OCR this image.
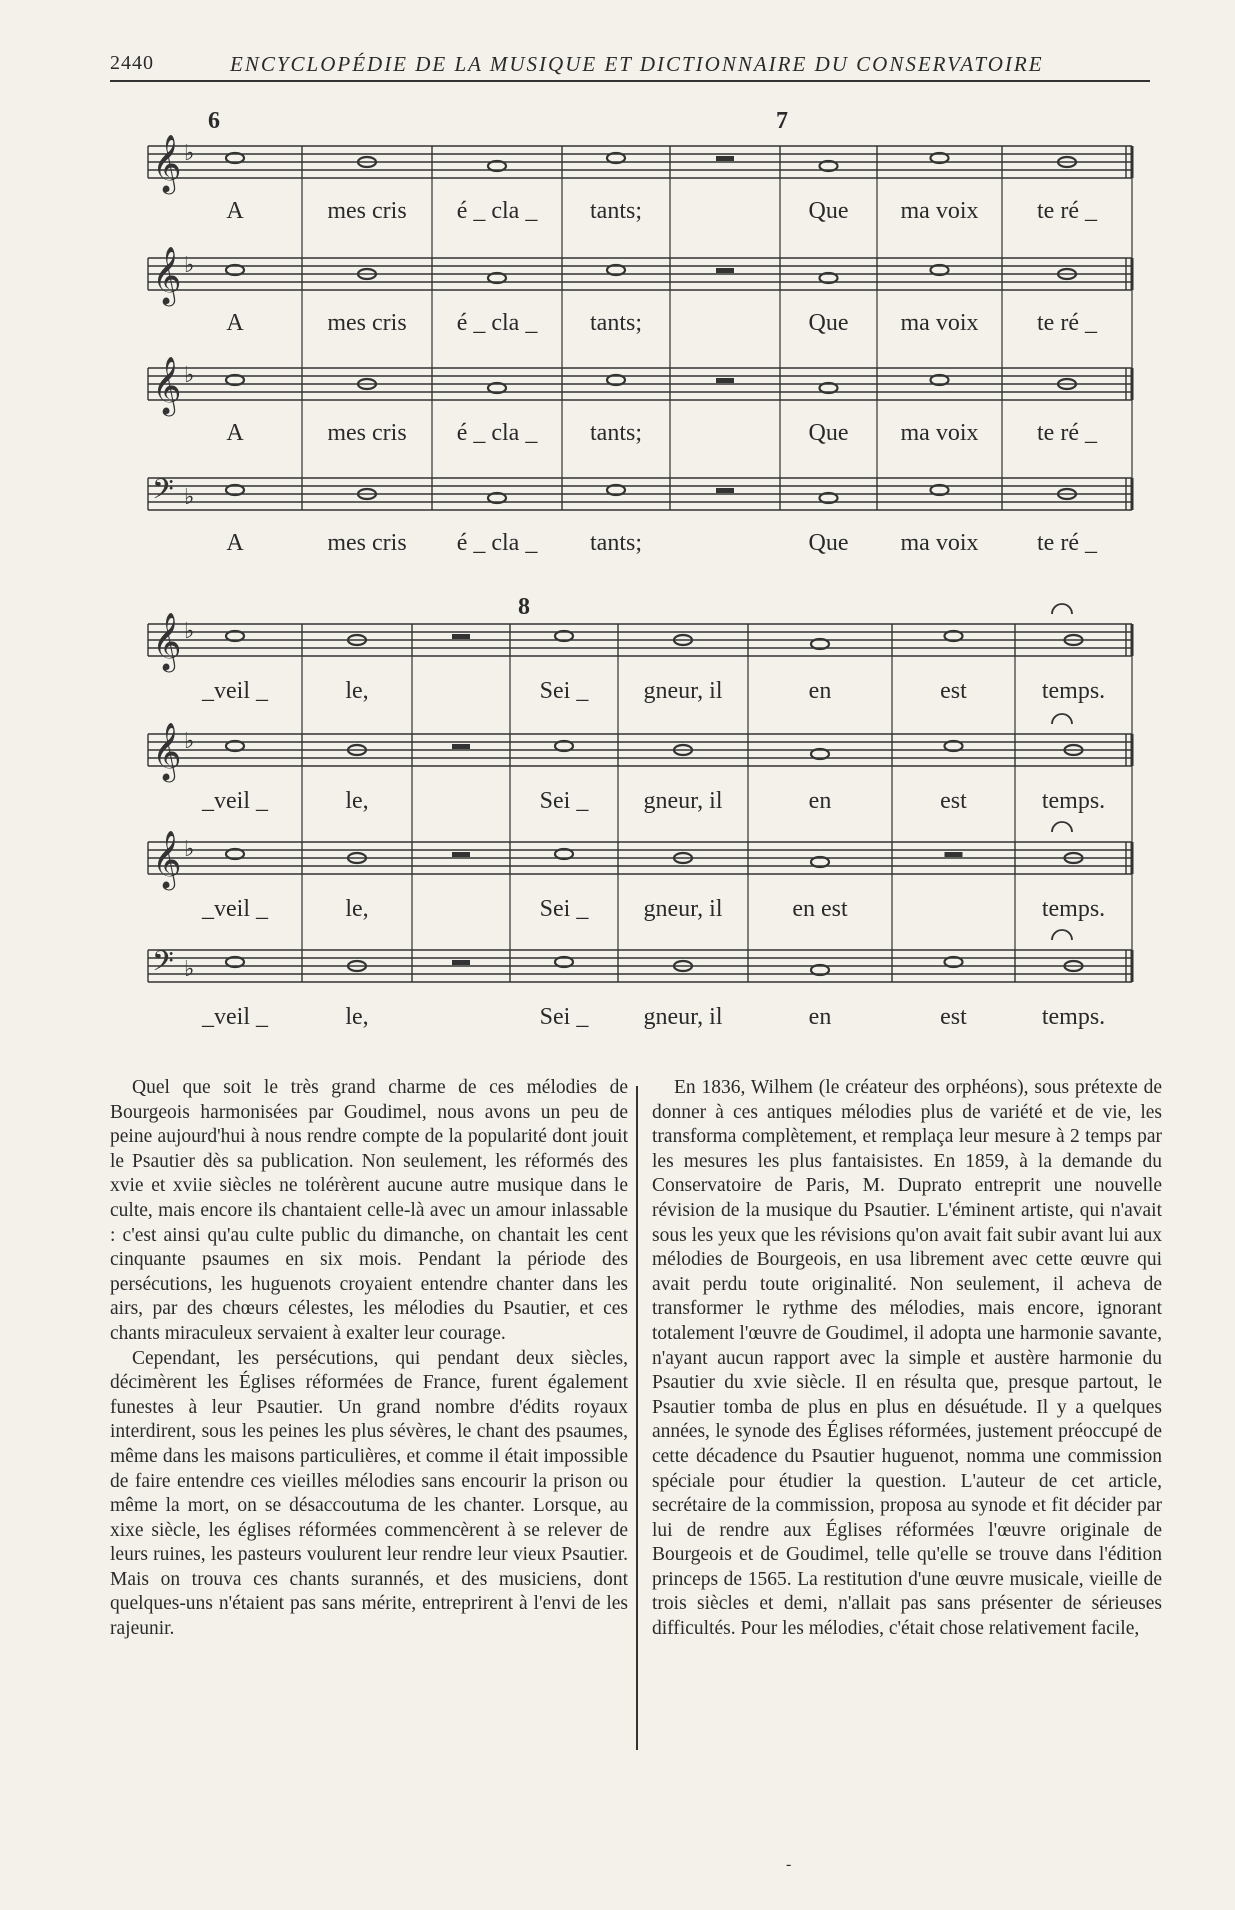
2440	ENCYCLOPÉDIE DE LA MUSIQUE ET DICTIONNAIRE DU CONSERVATOIRE
𝄞 ♭
A	mes cris é _ cla _ tants;	Que ma voix te ré _
𝄞 ♭
A	mes cris é _ cla _ tants;	Que ma voix te ré _
𝄞 ♭
A	mes cris é _ cla _ tants;	Que ma voix te ré _
𝄢 ♭
A	mes cris é _ cla _ tants;	Que ma voix te ré _
𝄞 ♭
_veil _	le,	Sei _ gneur, il	en	est	temps.
𝄞 ♭
_veil _	le,	Sei _ gneur, il	en	est	temps.
𝄞 ♭
_veil _	le,	Sei _ gneur, il	en est	temps.
𝄢 ♭
_veil _	le,	Sei _ gneur, il	en	est	temps.
6	7
8

Quel que soit le très grand charme de ces mélodies de Bourgeois harmonisées par Goudimel, nous avons un peu de peine aujourd'hui à nous rendre compte de la popularité dont jouit le Psautier dès sa publication. Non seulement, les réformés des xvie et xviie siècles ne tolérèrent aucune autre musique dans le culte, mais encore ils chantaient celle-là avec un amour inlassable : c'est ainsi qu'au culte public du dimanche, on chantait les cent cinquante psaumes en six mois. Pendant la période des persécutions, les huguenots croyaient entendre chanter dans les airs, par des chœurs célestes, les mélodies du Psautier, et ces chants miraculeux servaient à exalter leur courage.

Cependant, les persécutions, qui pendant deux siècles, décimèrent les Églises réformées de France, furent également funestes à leur Psautier. Un grand nombre d'édits royaux interdirent, sous les peines les plus sévères, le chant des psaumes, même dans les maisons particulières, et comme il était impossible de faire entendre ces vieilles mélodies sans encourir la prison ou même la mort, on se désaccoutuma de les chanter. Lorsque, au xixe siècle, les églises réformées commencèrent à se relever de leurs ruines, les pasteurs voulurent leur rendre leur vieux Psautier. Mais on trouva ces chants surannés, et des musiciens, dont quelques-uns n'étaient pas sans mérite, entreprirent à l'envi de les rajeunir.

En 1836, Wilhem (le créateur des orphéons), sous prétexte de donner à ces antiques mélodies plus de variété et de vie, les transforma complètement, et remplaça leur mesure à 2 temps par les mesures les plus fantaisistes. En 1859, à la demande du Conservatoire de Paris, M. Duprato entreprit une nouvelle révision de la musique du Psautier. L'éminent artiste, qui n'avait sous les yeux que les révisions qu'on avait fait subir avant lui aux mélodies de Bourgeois, en usa librement avec cette œuvre qui avait perdu toute originalité. Non seulement, il acheva de transformer le rythme des mélodies, mais encore, ignorant totalement l'œuvre de Goudimel, il adopta une harmonie savante, n'ayant aucun rapport avec la simple et austère harmonie du Psautier du xvie siècle. Il en résulta que, presque partout, le Psautier tomba de plus en plus en désuétude. Il y a quelques années, le synode des Églises réformées, justement préoccupé de cette décadence du Psautier huguenot, nomma une commission spéciale pour étudier la question. L'auteur de cet article, secrétaire de la commission, proposa au synode et fit décider par lui de rendre aux Églises réformées l'œuvre originale de Bourgeois et de Goudimel, telle qu'elle se trouve dans l'édition princeps de 1565. La restitution d'une œuvre musicale, vieille de trois siècles et demi, n'allait pas sans présenter de sérieuses difficultés. Pour les mélodies, c'était chose relativement facile,

-
